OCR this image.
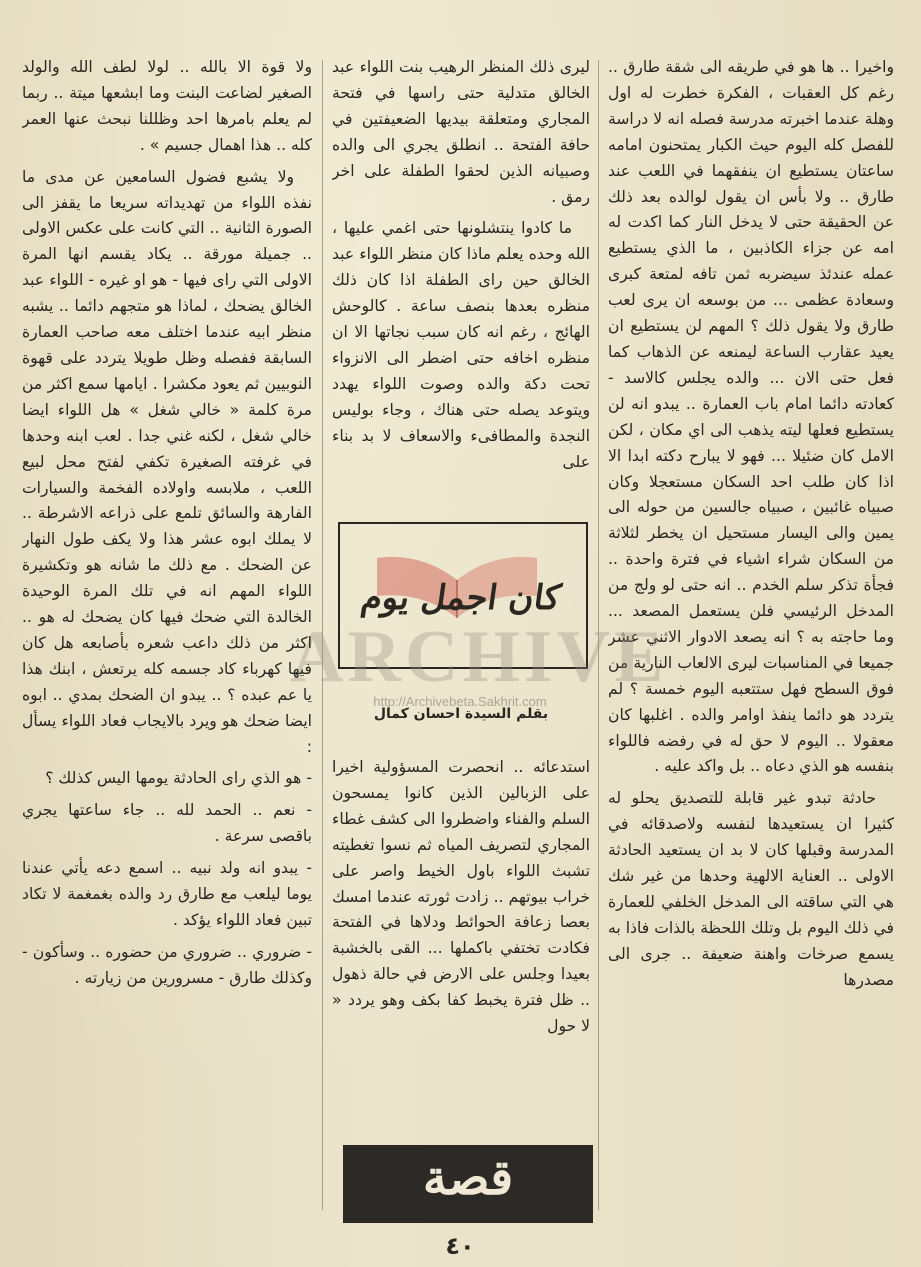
واخيرا .. ها هو في طريقه الى شقة طارق .. رغم كل العقبات ، الفكرة خطرت له اول وهلة عندما اخبرته مدرسة فصله انه لا دراسة للفصل كله اليوم حيث الكبار يمتحنون امامه ساعتان يستطيع ان ينفقهما في اللعب عند طارق .. ولا بأس ان يقول لوالده بعد ذلك عن الحقيقة حتى لا يدخل النار كما اكدت له امه عن جزاء الكاذبين ، ما الذي يستطيع عمله عندئذ سيضربه ثمن تافه لمتعة كبرى وسعادة عظمى ... من بوسعه ان يرى لعب طارق ولا يقول ذلك ؟ المهم لن يستطيع ان يعيد عقارب الساعة ليمنعه عن الذهاب كما فعل حتى الان ... والده يجلس كالاسد - كعادته دائما امام باب العمارة .. يبدو انه لن يستطيع فعلها ليته يذهب الى اي مكان ، لكن الامل كان ضئيلا ... فهو لا يبارح دكته ابدا الا اذا كان طلب احد السكان مستعجلا وكان صبياه غائبين ، صبياه جالسين من حوله الى يمين والى اليسار مستحيل ان يخطر لثلاثة من السكان شراء اشياء في فترة واحدة .. فجأة تذكر سلم الخدم .. انه حتى لو ولج من المدخل الرئيسي فلن يستعمل المصعد ... وما حاجته به ؟ انه يصعد الادوار الاثني عشر جميعا في المناسبات ليرى الالعاب النارية من فوق السطح فهل ستتعبه اليوم خمسة ؟ لم يتردد هو دائما ينفذ اوامر والده . اغلبها كان معقولا .. اليوم لا حق له في رفضه فاللواء بنفسه هو الذي دعاه .. بل واكد عليه .

حادثة تبدو غير قابلة للتصديق يحلو له كثيرا ان يستعيدها لنفسه ولاصدقائه في المدرسة وقبلها كان لا بد ان يستعيد الحادثة الاولى .. العناية الالهية وحدها من غير شك هي التي ساقته الى المدخل الخلفي للعمارة في ذلك اليوم بل وتلك اللحظة بالذات فاذا به يسمع صرخات واهنة ضعيفة .. جرى الى مصدرها

ليرى ذلك المنظر الرهيب بنت اللواء عبد الخالق متدلية حتى راسها في فتحة المجاري ومتعلقة بيديها الضعيفتين في حافة الفتحة .. انطلق يجري الى والده وصبيانه الذين لحقوا الطفلة على اخر رمق .

ما كادوا ينتشلونها حتى اغمي عليها ، الله وحده يعلم ماذا كان منظر اللواء عبد الخالق حين راى الطفلة اذا كان ذلك منظره بعدها بنصف ساعة . كالوحش الهائج ، رغم انه كان سبب نجاتها الا ان منظره اخافه حتى اضطر الى الانزواء تحت دكة والده وصوت اللواء يهدد ويتوعد يصله حتى هناك ، وجاء بوليس النجدة والمطافىء والاسعاف لا بد بناء على

كان اجمل يوم
ARCHIVE
http://Archivebeta.Sakhrit.com
بقلم السيدة احسان كمال

استدعائه .. انحصرت المسؤولية اخيرا على الزبالين الذين كانوا يمسحون السلم والفناء واضطروا الى كشف غطاء المجاري لتصريف المياه ثم نسوا تغطيته تشبث اللواء باول الخيط واصر على خراب بيوتهم .. زادت ثورته عندما امسك بعصا زعافة الحوائط ودلاها في الفتحة فكادت تختفي باكملها ... القى بالخشبة بعيدا وجلس على الارض في حالة ذهول .. ظل فترة يخبط كفا بكف وهو يردد « لا حول

قصة

ولا قوة الا بالله .. لولا لطف الله والولد الصغير لضاعت البنت وما ابشعها ميتة .. ربما لم يعلم بامرها احد وظللنا نبحث عنها العمر كله .. هذا اهمال جسيم » .

ولا يشبع فضول السامعين عن مدى ما نفذه اللواء من تهديداته سريعا ما يقفز الى الصورة الثانية .. التي كانت على عكس الاولى .. جميلة مورقة .. يكاد يقسم انها المرة الاولى التي راى فيها - هو او غيره - اللواء عبد الخالق يضحك ، لماذا هو متجهم دائما .. يشبه منظر ابيه عندما اختلف معه صاحب العمارة السابقة ففصله وظل طويلا يتردد على قهوة النوبيين ثم يعود مكشرا . ايامها سمع اكثر من مرة كلمة « خالي شغل » هل اللواء ايضا خالي شغل ، لكنه غني جدا . لعب ابنه وحدها في غرفته الصغيرة تكفي لفتح محل لبيع اللعب ، ملابسه واولاده الفخمة والسيارات الفارهة والسائق تلمع على ذراعه الاشرطة .. لا يملك ابوه عشر هذا ولا يكف طول النهار عن الضحك . مع ذلك ما شانه هو وتكشيرة اللواء المهم انه في تلك المرة الوحيدة الخالدة التي ضحك فيها كان يضحك له هو .. اكثر من ذلك داعب شعره بأصابعه هل كان فيها كهرباء كاد جسمه كله يرتعش ، ابنك هذا يا عم عبده ؟ .. يبدو ان الضحك بمدي .. ابوه ايضا ضحك هو ويرد بالايجاب فعاد اللواء يسأل :

- هو الذي راى الحادثة يومها اليس كذلك ؟

- نعم .. الحمد لله .. جاء ساعتها يجري باقصى سرعة .

- يبدو انه ولد نبيه .. اسمع دعه يأتي عندنا يوما ليلعب مع طارق رد والده بغمغمة لا تكاد تبين فعاد اللواء يؤكد .

- ضروري .. ضروري من حضوره .. وسأكون - وكذلك طارق - مسرورين من زيارته .

٤٠
